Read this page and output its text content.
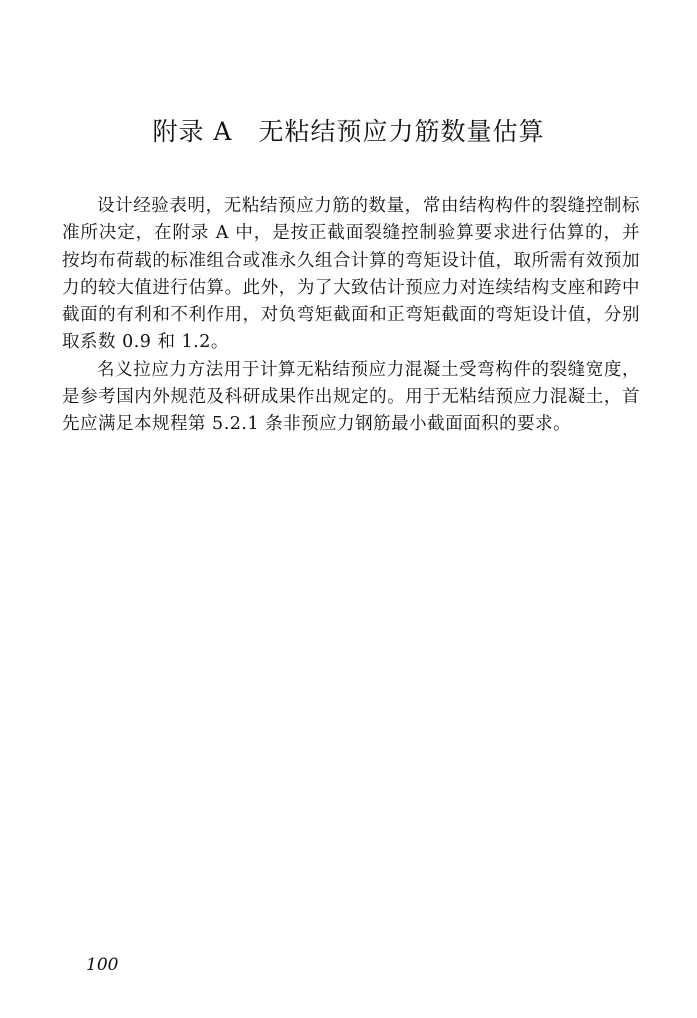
附录 A 无粘结预应力筋数量估算

设计经验表明，无粘结预应力筋的数量，常由结构构件的裂缝控制标准所决定，在附录 A 中，是按正截面裂缝控制验算要求进行估算的，并按均布荷载的标准组合或准永久组合计算的弯矩设计值，取所需有效预加力的较大值进行估算。此外，为了大致估计预应力对连续结构支座和跨中截面的有利和不利作用，对负弯矩截面和正弯矩截面的弯矩设计值，分别取系数 0.9 和 1.2。

名义拉应力方法用于计算无粘结预应力混凝土受弯构件的裂缝宽度，是参考国内外规范及科研成果作出规定的。用于无粘结预应力混凝土，首先应满足本规程第 5.2.1 条非预应力钢筋最小截面面积的要求。

100
